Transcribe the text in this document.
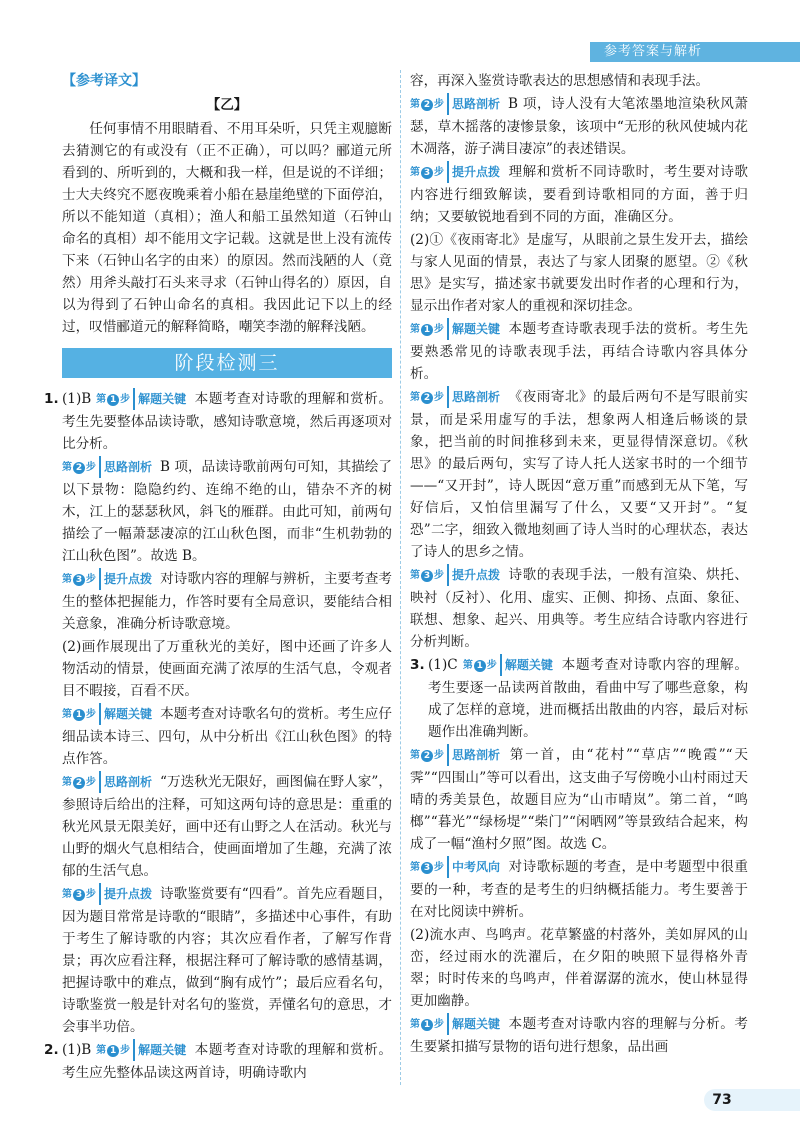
参考答案与解析
【参考译文】
【乙】

任何事情不用眼睛看、不用耳朵听，只凭主观臆断去猜测它的有或没有（正不正确），可以吗？郦道元所看到的、所听到的，大概和我一样，但是说的不详细；士大夫终究不愿夜晚乘着小船在悬崖绝壁的下面停泊，所以不能知道（真相）；渔人和船工虽然知道（石钟山命名的真相）却不能用文字记载。这就是世上没有流传下来（石钟山名字的由来）的原因。然而浅陋的人（竟然）用斧头敲打石头来寻求（石钟山得名的）原因，自以为得到了石钟山命名的真相。我因此记下以上的经过，叹惜郦道元的解释简略，嘲笑李渤的解释浅陋。

阶段检测三

1. (1)B 第 1 步 解题关键 本题考查对诗歌的理解和赏析。考生先要整体品读诗歌，感知诗歌意境，然后再逐项对比分析。

第 2 步 思路剖析 B 项，品读诗歌前两句可知，其描绘了以下景物：隐隐约约、连绵不绝的山，错杂不齐的树木，江上的瑟瑟秋风，斜飞的雁群。由此可知，前两句描绘了一幅萧瑟凄凉的江山秋色图，而非“生机勃勃的江山秋色图”。故选 B。

第 3 步 提升点拨 对诗歌内容的理解与辨析，主要考查考生的整体把握能力，作答时要有全局意识，要能结合相关意象，准确分析诗歌意境。

(2)画作展现出了万重秋光的美好，图中还画了许多人物活动的情景，使画面充满了浓厚的生活气息，令观者目不暇接，百看不厌。

第 1 步 解题关键 本题考查对诗歌名句的赏析。考生应仔细品读本诗三、四句，从中分析出《江山秋色图》的特点作答。

第 2 步 思路剖析 “万迭秋光无限好，画图偏在野人家”，参照诗后给出的注释，可知这两句诗的意思是：重重的秋光风景无限美好，画中还有山野之人在活动。秋光与山野的烟火气息相结合，使画面增加了生趣，充满了浓郁的生活气息。

第 3 步 提升点拨 诗歌鉴赏要有“四看”。首先应看题目，因为题目常常是诗歌的“眼睛”，多描述中心事件，有助于考生了解诗歌的内容；其次应看作者，了解写作背景；再次应看注释，根据注释可了解诗歌的感情基调，把握诗歌中的难点，做到“胸有成竹”；最后应看名句，诗歌鉴赏一般是针对名句的鉴赏，弄懂名句的意思，才会事半功倍。

2. (1)B 第 1 步 解题关键 本题考查对诗歌的理解和赏析。考生应先整体品读这两首诗，明确诗歌内

容，再深入鉴赏诗歌表达的思想感情和表现手法。

第 2 步 思路剖析 B 项，诗人没有大笔浓墨地渲染秋风萧瑟，草木摇落的凄惨景象，该项中“无形的秋风使城内花木凋落，游子满目凄凉”的表述错误。

第 3 步 提升点拨 理解和赏析不同诗歌时，考生要对诗歌内容进行细致解读，要看到诗歌相同的方面，善于归纳；又要敏锐地看到不同的方面，准确区分。

(2)①《夜雨寄北》是虚写，从眼前之景生发开去，描绘与家人见面的情景，表达了与家人团聚的愿望。②《秋思》是实写，描述家书就要发出时作者的心理和行为，显示出作者对家人的重视和深切挂念。

第 1 步 解题关键 本题考查诗歌表现手法的赏析。考生先要熟悉常见的诗歌表现手法，再结合诗歌内容具体分析。

第 2 步 思路剖析 《夜雨寄北》的最后两句不是写眼前实景，而是采用虚写的手法，想象两人相逢后畅谈的景象，把当前的时间推移到未来，更显得情深意切。《秋思》的最后两句，实写了诗人托人送家书时的一个细节——“又开封”，诗人既因“意万重”而感到无从下笔，写好信后，又怕信里漏写了什么，又要“又开封”。“复恐”二字，细致入微地刻画了诗人当时的心理状态，表达了诗人的思乡之情。

第 3 步 提升点拨 诗歌的表现手法，一般有渲染、烘托、映衬（反衬）、化用、虚实、正侧、抑扬、点面、象征、联想、想象、起兴、用典等。考生应结合诗歌内容进行分析判断。

3. (1)C 第 1 步 解题关键 本题考查对诗歌内容的理解。考生要逐一品读两首散曲，看曲中写了哪些意象，构成了怎样的意境，进而概括出散曲的内容，最后对标题作出准确判断。

第 2 步 思路剖析 第一首，由“花村”“草店”“晚霞”“天霁”“四围山”等可以看出，这支曲子写傍晚小山村雨过天晴的秀美景色，故题目应为“山市晴岚”。第二首，“鸣榔”“暮光”“绿杨堤”“柴门”“闲晒网”等景致结合起来，构成了一幅“渔村夕照”图。故选 C。

第 3 步 中考风向 对诗歌标题的考查，是中考题型中很重要的一种，考查的是考生的归纳概括能力。考生要善于在对比阅读中辨析。

(2)流水声、鸟鸣声。花草繁盛的村落外，美如屏风的山峦，经过雨水的洗濯后，在夕阳的映照下显得格外青翠；时时传来的鸟鸣声，伴着潺潺的流水，使山林显得更加幽静。

第 1 步 解题关键 本题考查对诗歌内容的理解与分析。考生要紧扣描写景物的语句进行想象，品出画

73
